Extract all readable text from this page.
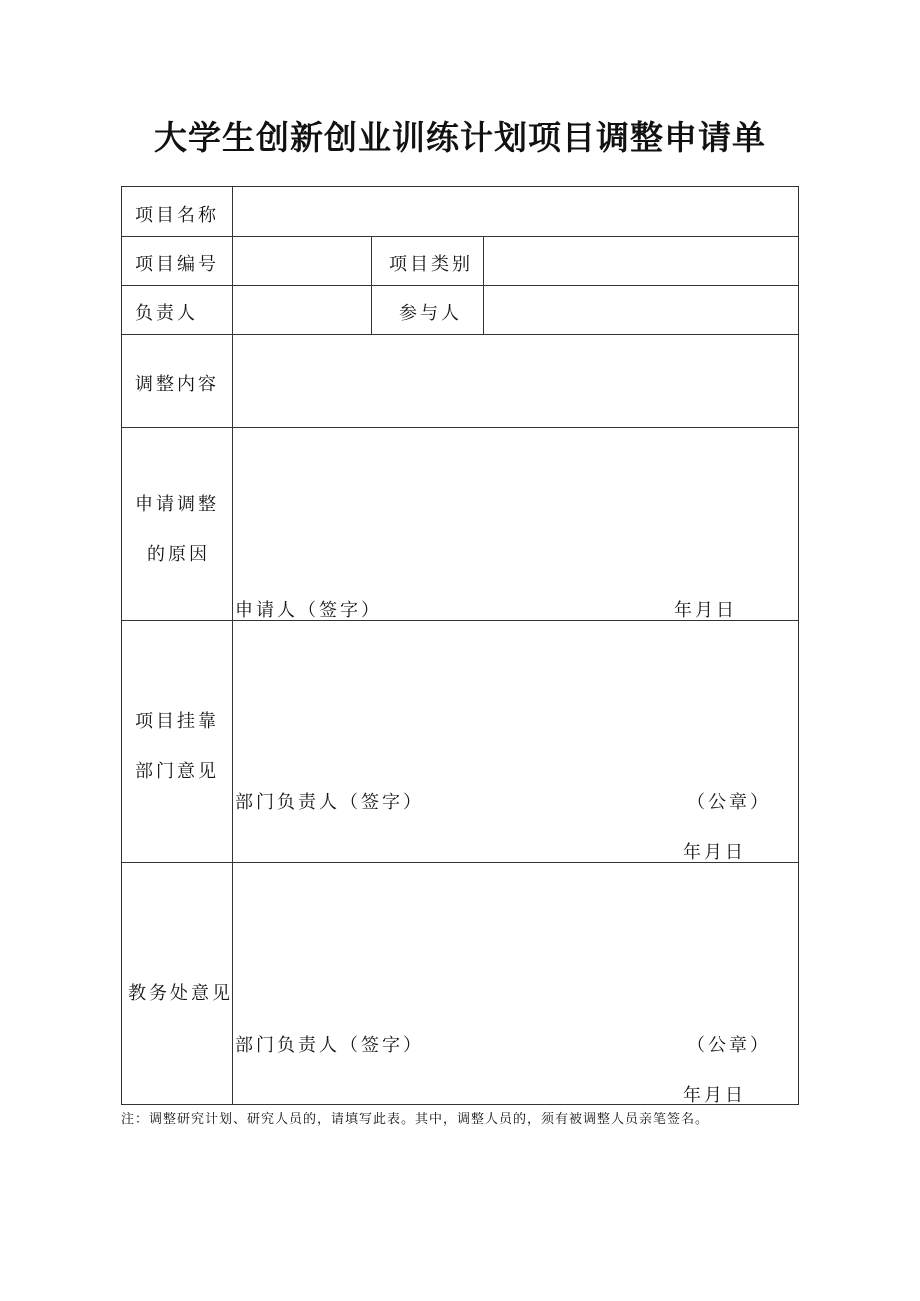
大学生创新创业训练计划项目调整申请单
项目名称
项目编号	项目类别
负责人	参与人
调整内容
申请调整
的原因
申请人（签字）	年月日
项目挂靠
部门意见
部门负责人（签字）	（公章）
年月日
教务处意见
部门负责人（签字）	（公章）
年月日
注：调整研究计划、研究人员的，请填写此表。其中，调整人员的，须有被调整人员亲笔签名。
